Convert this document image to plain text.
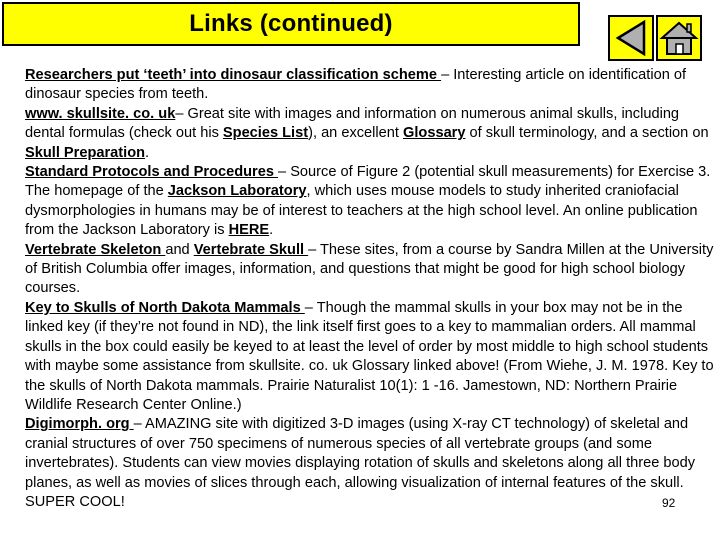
Links (continued)

Researchers put ‘teeth’ into dinosaur classification scheme – Interesting article on identification of dinosaur species from teeth.

www. skullsite. co. uk– Great site with images and information on numerous animal skulls, including dental formulas (check out his Species List), an excellent Glossary of skull terminology, and a section on Skull Preparation.

Standard Protocols and Procedures – Source of Figure 2 (potential skull measurements) for Exercise 3. The homepage of the Jackson Laboratory, which uses mouse models to study inherited craniofacial dysmorphologies in humans may be of interest to teachers at the high school level. An online publication from the Jackson Laboratory is HERE.

Vertebrate Skeleton and Vertebrate Skull – These sites, from a course by Sandra Millen at the University of British Columbia offer images, information, and questions that might be good for high school biology courses.

Key to Skulls of North Dakota Mammals – Though the mammal skulls in your box may not be in the linked key (if they’re not found in ND), the link itself first goes to a key to mammalian orders. All mammal skulls in the box could easily be keyed to at least the level of order by most middle to high school students with maybe some assistance from skullsite. co. uk Glossary linked above! (From Wiehe, J. M. 1978. Key to the skulls of North Dakota mammals. Prairie Naturalist 10(1): 1 -16. Jamestown, ND: Northern Prairie Wildlife Research Center Online.)

Digimorph. org – AMAZING site with digitized 3-D images (using X-ray CT technology) of skeletal and cranial structures of over 750 specimens of numerous species of all vertebrate groups (and some invertebrates). Students can view movies displaying rotation of skulls and skeletons along all three body planes, as well as movies of slices through each, allowing visualization of internal features of the skull. SUPER COOL!	92
